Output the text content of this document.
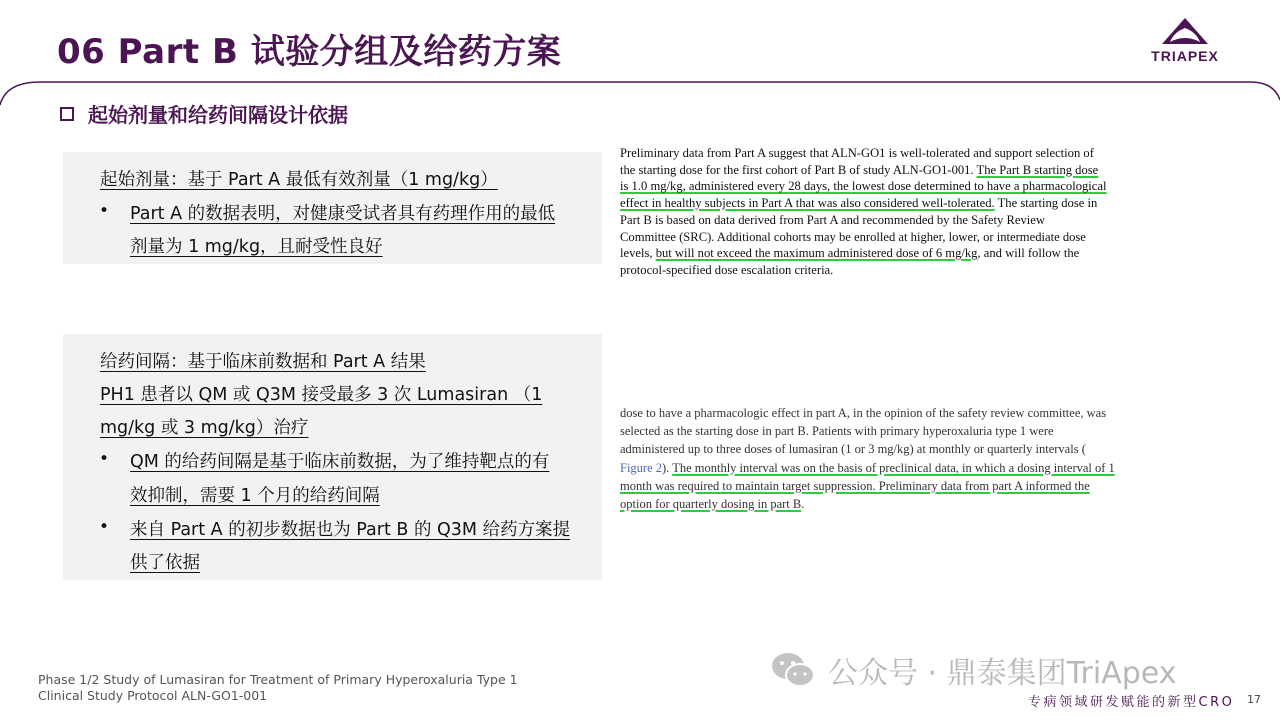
06 Part B 试验分组及给药方案	TRIAPEX
起始剂量和给药间隔设计依据
起始剂量：基于 Part A 最低有效剂量（1 mg/kg）
• Part A 的数据表明，对健康受试者具有药理作用的最低
剂量为 1 mg/kg，且耐受性良好
给药间隔：基于临床前数据和 Part A 结果
PH1 患者以 QM 或 Q3M 接受最多 3 次 Lumasiran （1
mg/kg 或 3 mg/kg）治疗
• QM 的给药间隔是基于临床前数据，为了维持靶点的有
效抑制，需要 1 个月的给药间隔
• 来自 Part A 的初步数据也为 Part B 的 Q3M 给药方案提
供了依据
Preliminary data from Part A suggest that ALN-GO1 is well-tolerated and support selection of
the starting dose for the first cohort of Part B of study ALN-GO1-001. The Part B starting dose
is 1.0 mg/kg, administered every 28 days, the lowest dose determined to have a pharmacological
effect in healthy subjects in Part A that was also considered well-tolerated. The starting dose in
Part B is based on data derived from Part A and recommended by the Safety Review
Committee (SRC). Additional cohorts may be enrolled at higher, lower, or intermediate dose
levels, but will not exceed the maximum administered dose of 6 mg/kg, and will follow the
protocol-specified dose escalation criteria.
dose to have a pharmacologic effect in part A, in the opinion of the safety review committee, was
selected as the starting dose in part B. Patients with primary hyperoxaluria type 1 were
administered up to three doses of lumasiran (1 or 3 mg/kg) at monthly or quarterly intervals (
Figure 2). The monthly interval was on the basis of preclinical data, in which a dosing interval of 1
month was required to maintain target suppression. Preliminary data from part A informed the
option for quarterly dosing in part B.
Phase 1/2 Study of Lumasiran for Treatment of Primary Hyperoxaluria Type 1
Clinical Study Protocol ALN-GO1-001
公众号 · 鼎泰集团TriApex
专病领域研发赋能的新型CRO 17
